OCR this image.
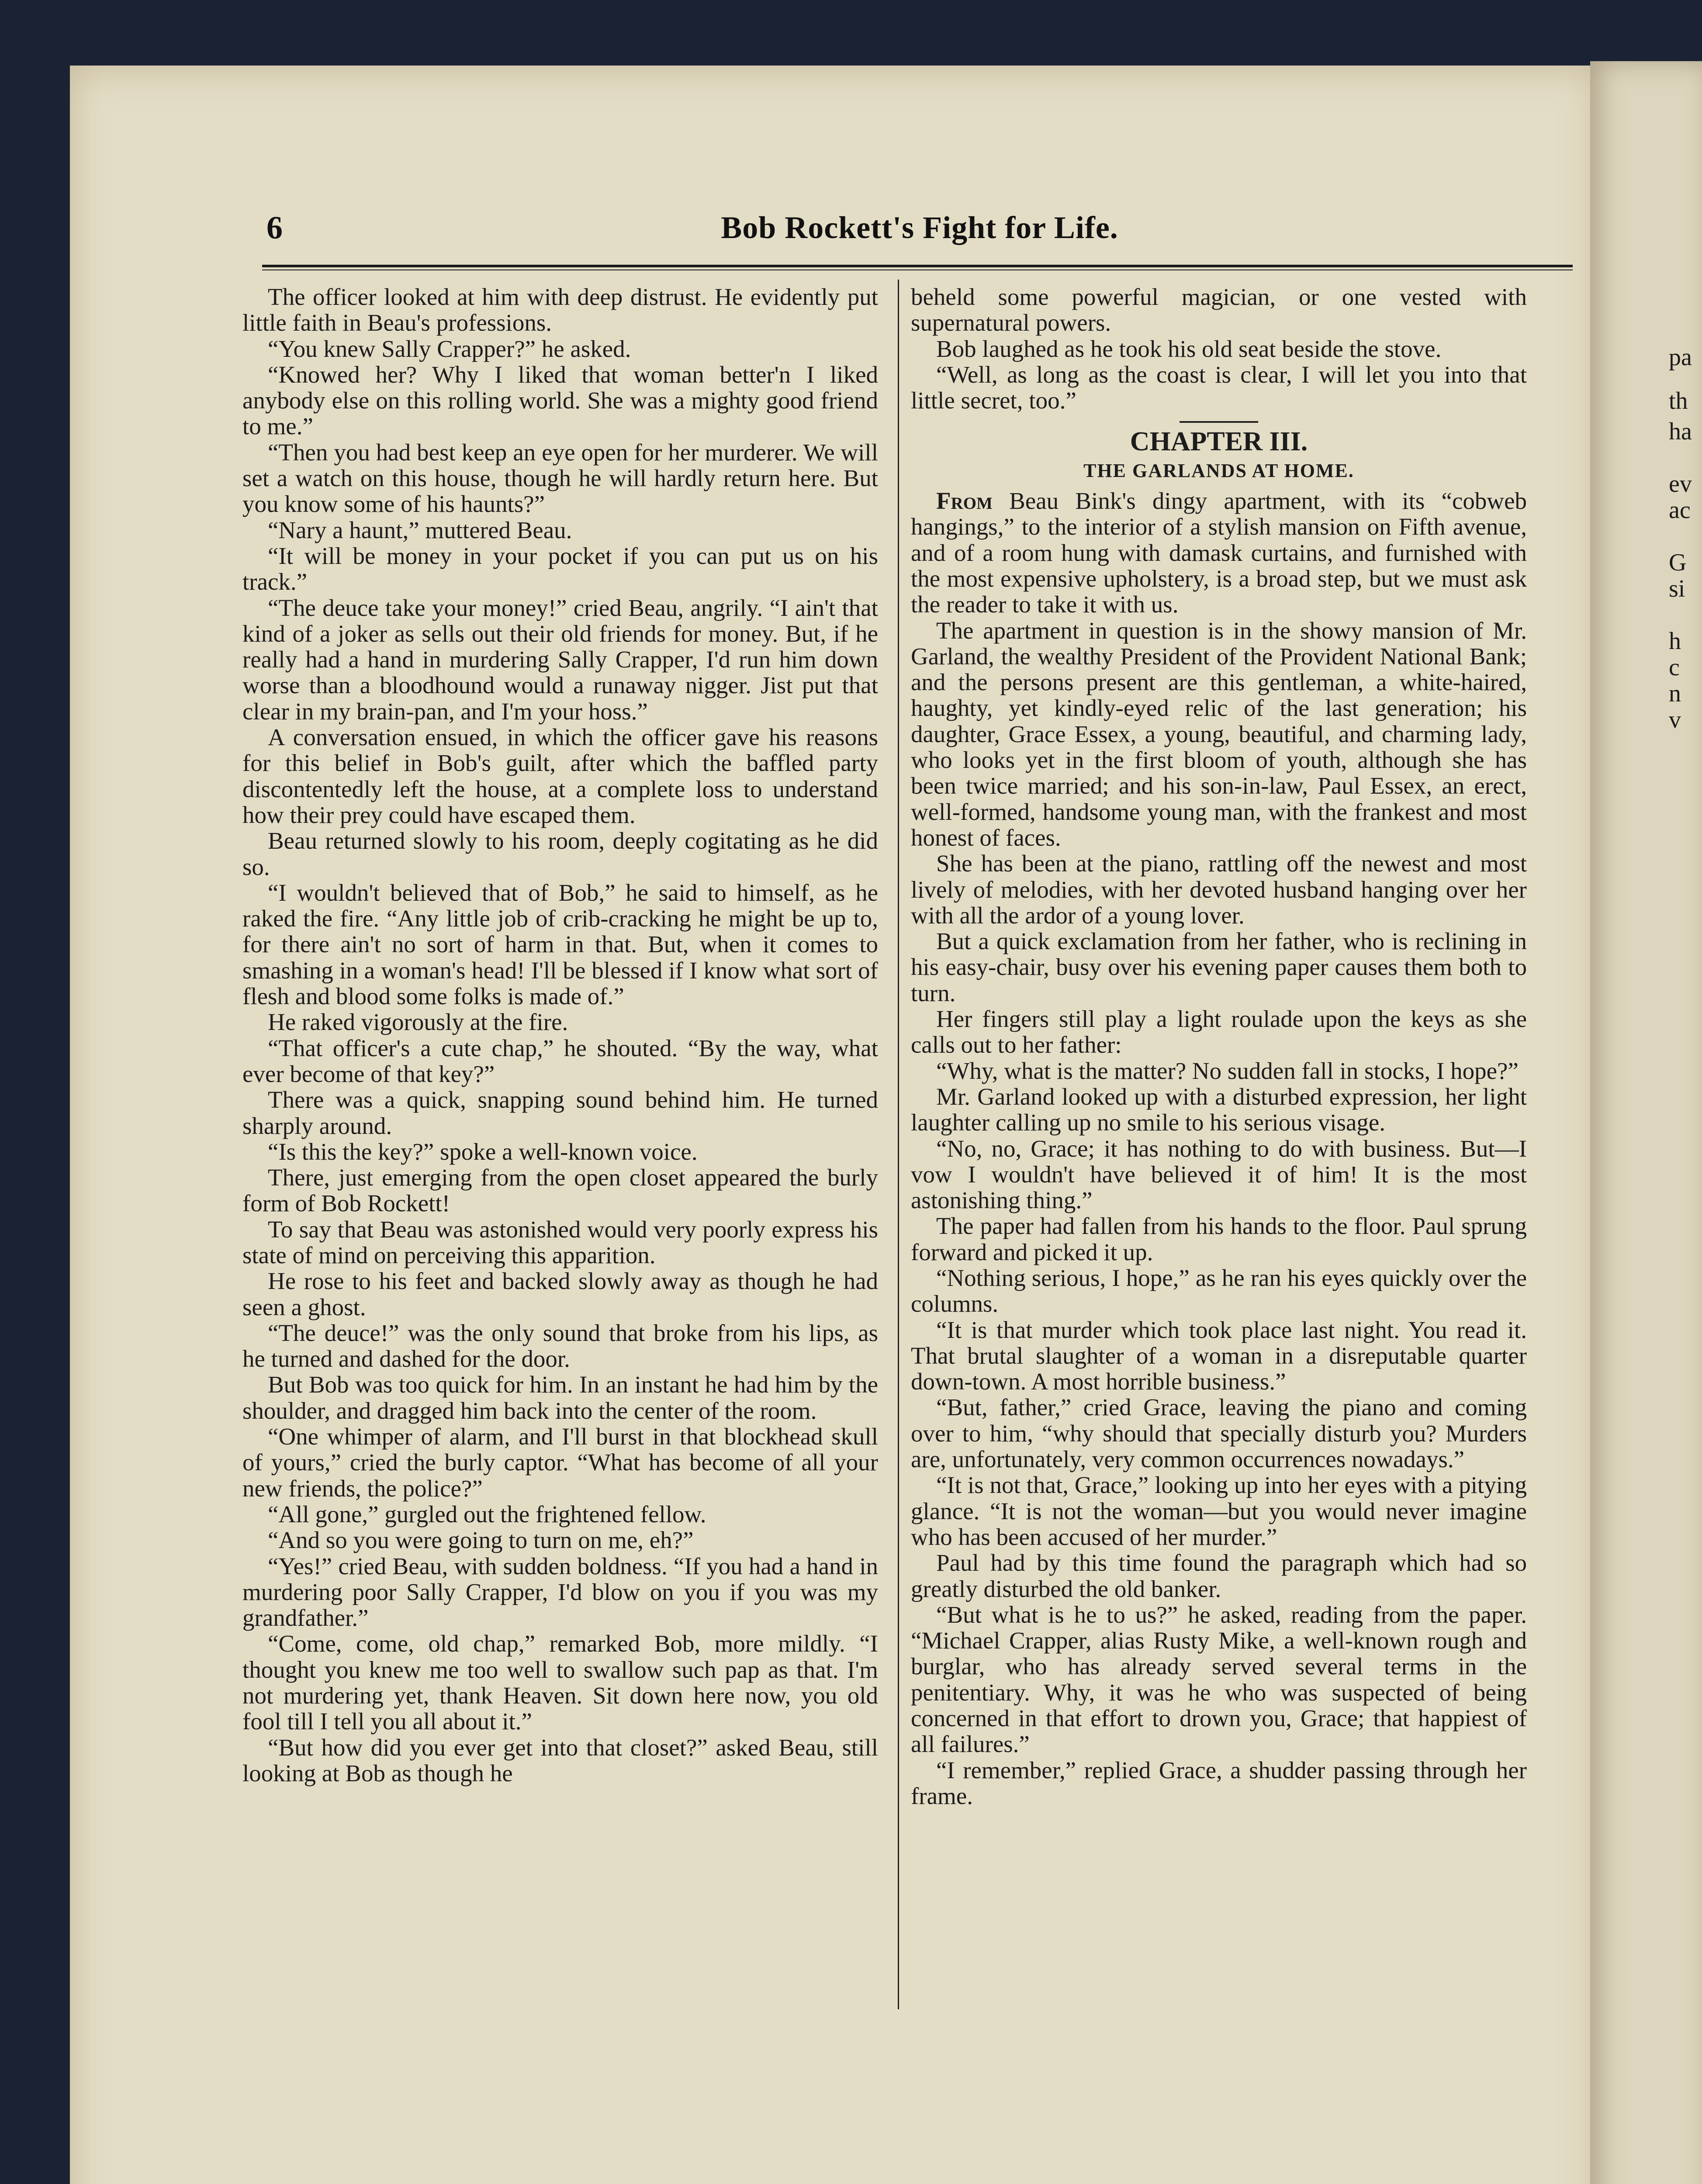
pa
th
ha
ev
ac
G
si
h
c
n
v
6	Bob Rockett's Fight for Life.

The officer looked at him with deep distrust. He evidently put little faith in Beau's professions.

“You knew Sally Crapper?” he asked.

“Knowed her? Why I liked that woman better'n I liked anybody else on this rolling world. She was a mighty good friend to me.”

“Then you had best keep an eye open for her murderer. We will set a watch on this house, though he will hardly return here. But you know some of his haunts?”

“Nary a haunt,” muttered Beau.

“It will be money in your pocket if you can put us on his track.”

“The deuce take your money!” cried Beau, angrily. “I ain't that kind of a joker as sells out their old friends for money. But, if he really had a hand in murdering Sally Crapper, I'd run him down worse than a bloodhound would a runaway nigger. Jist put that clear in my brain-pan, and I'm your hoss.”

A conversation ensued, in which the officer gave his reasons for this belief in Bob's guilt, after which the baffled party discontentedly left the house, at a complete loss to understand how their prey could have escaped them.

Beau returned slowly to his room, deeply cogitating as he did so.

“I wouldn't believed that of Bob,” he said to himself, as he raked the fire. “Any little job of crib-cracking he might be up to, for there ain't no sort of harm in that. But, when it comes to smashing in a woman's head! I'll be blessed if I know what sort of flesh and blood some folks is made of.”

He raked vigorously at the fire.

“That officer's a cute chap,” he shouted. “By the way, what ever become of that key?”

There was a quick, snapping sound behind him. He turned sharply around.

“Is this the key?” spoke a well-known voice.

There, just emerging from the open closet appeared the burly form of Bob Rockett!

To say that Beau was astonished would very poorly express his state of mind on perceiving this apparition.

He rose to his feet and backed slowly away as though he had seen a ghost.

“The deuce!” was the only sound that broke from his lips, as he turned and dashed for the door.

But Bob was too quick for him. In an instant he had him by the shoulder, and dragged him back into the center of the room.

“One whimper of alarm, and I'll burst in that blockhead skull of yours,” cried the burly captor. “What has become of all your new friends, the police?”

“All gone,” gurgled out the frightened fellow.

“And so you were going to turn on me, eh?”

“Yes!” cried Beau, with sudden boldness. “If you had a hand in murdering poor Sally Crapper, I'd blow on you if you was my grandfather.”

“Come, come, old chap,” remarked Bob, more mildly. “I thought you knew me too well to swallow such pap as that. I'm not murdering yet, thank Heaven. Sit down here now, you old fool till I tell you all about it.”

“But how did you ever get into that closet?” asked Beau, still looking at Bob as though he

beheld some powerful magician, or one vested with supernatural powers.

Bob laughed as he took his old seat beside the stove.

“Well, as long as the coast is clear, I will let you into that little secret, too.”

CHAPTER III.
THE GARLANDS AT HOME.

From Beau Bink's dingy apartment, with its “cobweb hangings,” to the interior of a stylish mansion on Fifth avenue, and of a room hung with damask curtains, and furnished with the most expensive upholstery, is a broad step, but we must ask the reader to take it with us.

The apartment in question is in the showy mansion of Mr. Garland, the wealthy President of the Provident National Bank; and the persons present are this gentleman, a white-haired, haughty, yet kindly-eyed relic of the last generation; his daughter, Grace Essex, a young, beautiful, and charming lady, who looks yet in the first bloom of youth, although she has been twice married; and his son-in-law, Paul Essex, an erect, well-formed, handsome young man, with the frankest and most honest of faces.

She has been at the piano, rattling off the newest and most lively of melodies, with her devoted husband hanging over her with all the ardor of a young lover.

But a quick exclamation from her father, who is reclining in his easy-chair, busy over his evening paper causes them both to turn.

Her fingers still play a light roulade upon the keys as she calls out to her father:

“Why, what is the matter? No sudden fall in stocks, I hope?”

Mr. Garland looked up with a disturbed expression, her light laughter calling up no smile to his serious visage.

“No, no, Grace; it has nothing to do with business. But—I vow I wouldn't have believed it of him! It is the most astonishing thing.”

The paper had fallen from his hands to the floor. Paul sprung forward and picked it up.

“Nothing serious, I hope,” as he ran his eyes quickly over the columns.

“It is that murder which took place last night. You read it. That brutal slaughter of a woman in a disreputable quarter down-town. A most horrible business.”

“But, father,” cried Grace, leaving the piano and coming over to him, “why should that specially disturb you? Murders are, unfortunately, very common occurrences nowadays.”

“It is not that, Grace,” looking up into her eyes with a pitying glance. “It is not the woman—but you would never imagine who has been accused of her murder.”

Paul had by this time found the paragraph which had so greatly disturbed the old banker.

“But what is he to us?” he asked, reading from the paper. “Michael Crapper, alias Rusty Mike, a well-known rough and burglar, who has already served several terms in the penitentiary. Why, it was he who was suspected of being concerned in that effort to drown you, Grace; that happiest of all failures.”

“I remember,” replied Grace, a shudder passing through her frame.
